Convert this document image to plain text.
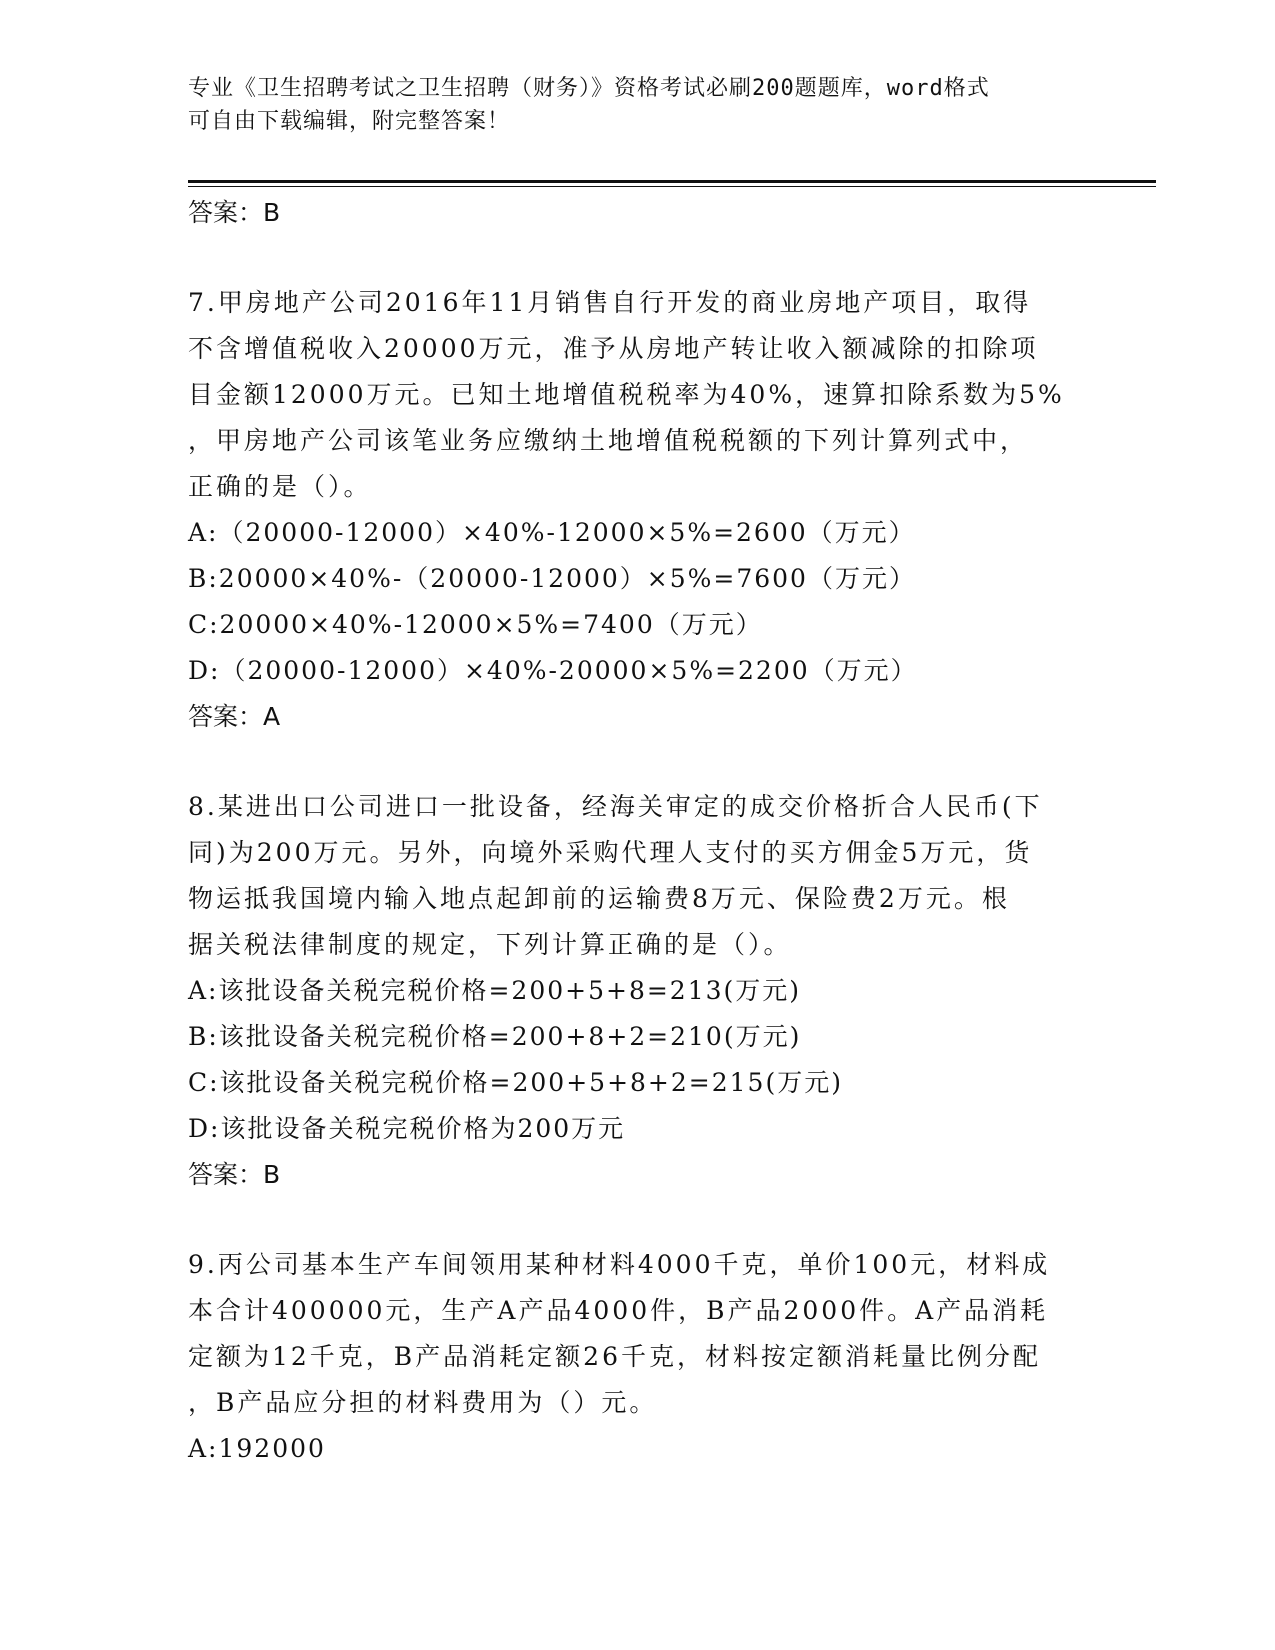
专业《卫生招聘考试之卫生招聘（财务）》资格考试必刷200题题库，word格式
可自由下载编辑，附完整答案！

答案：B

7.甲房地产公司2016年11月销售自行开发的商业房地产项目，取得

不含增值税收入20000万元，准予从房地产转让收入额减除的扣除项

目金额12000万元。已知土地增值税税率为40%，速算扣除系数为5%

，甲房地产公司该笔业务应缴纳土地增值税税额的下列计算列式中，

正确的是（）。

A:（20000-12000）×40%-12000×5%=2600（万元）

B:20000×40%-（20000-12000）×5%=7600（万元）

C:20000×40%-12000×5%=7400（万元）

D:（20000-12000）×40%-20000×5%=2200（万元）

答案：A

8.某进出口公司进口一批设备，经海关审定的成交价格折合人民币(下

同)为200万元。另外，向境外采购代理人支付的买方佣金5万元，货

物运抵我国境内输入地点起卸前的运输费8万元、保险费2万元。根

据关税法律制度的规定，下列计算正确的是（）。

A:该批设备关税完税价格=200+5+8=213(万元)

B:该批设备关税完税价格=200+8+2=210(万元)

C:该批设备关税完税价格=200+5+8+2=215(万元)

D:该批设备关税完税价格为200万元

答案：B

9.丙公司基本生产车间领用某种材料4000千克，单价100元，材料成

本合计400000元，生产A产品4000件，B产品2000件。A产品消耗

定额为12千克，B产品消耗定额26千克，材料按定额消耗量比例分配

，B产品应分担的材料费用为（）元。

A:192000
